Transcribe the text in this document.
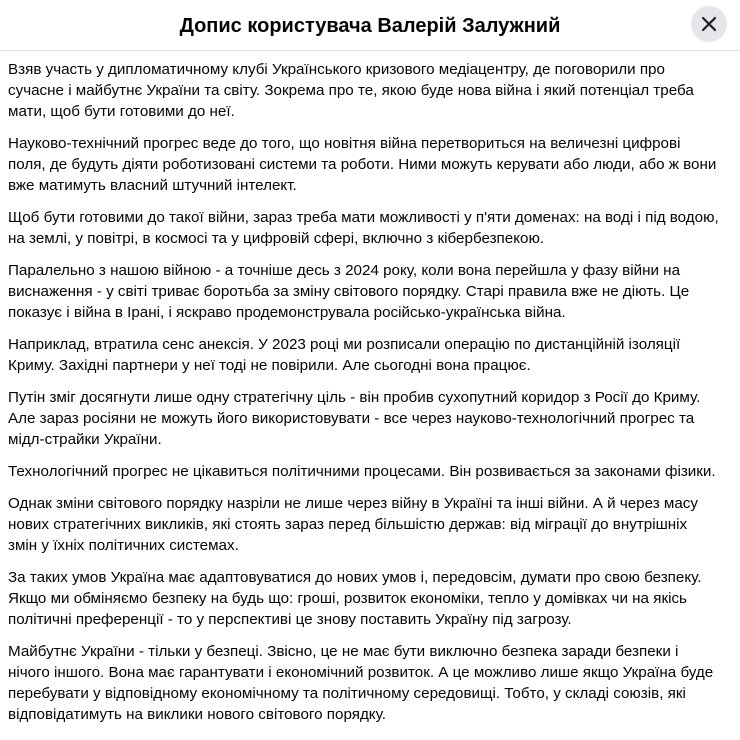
Допис користувача Валерій Залужний

Взяв участь у дипломатичному клубі Українського кризового медіацентру, де поговорили про сучасне і майбутнє України та світу. Зокрема про те, якою буде нова війна і який потенціал треба мати, щоб бути готовими до неї.

Науково-технічний прогрес веде до того, що новітня війна перетвориться на величезні цифрові поля, де будуть діяти роботизовані системи та роботи. Ними можуть керувати або люди, або ж вони вже матимуть власний штучний інтелект.

Щоб бути готовими до такої війни, зараз треба мати можливості у п'яти доменах: на воді і під водою, на землі, у повітрі, в космосі та у цифровій сфері, включно з кібербезпекою.

Паралельно з нашою війною - а точніше десь з 2024 року, коли вона перейшла у фазу війни на виснаження - у світі триває боротьба за зміну світового порядку. Старі правила вже не діють. Це показує і війна в Ірані, і яскраво продемонструвала російсько-українська війна.

Наприклад, втратила сенс анексія. У 2023 році ми розписали операцію по дистанційній ізоляції Криму. Західні партнери у неї тоді не повірили. Але сьогодні вона працює.

Путін зміг досягнути лише одну стратегічну ціль - він пробив сухопутний коридор з Росії до Криму. Але зараз росіяни не можуть його використовувати - все через науково-технологічний прогрес та мідл-страйки України.

Технологічний прогрес не цікавиться політичними процесами. Він розвивається за законами фізики.

Однак зміни світового порядку назріли не лише через війну в Україні та інші війни. А й через масу нових стратегічних викликів, які стоять зараз перед більшістю держав: від міграції до внутрішніх змін у їхніх політичних системах.

За таких умов Україна має адаптовуватися до нових умов і, передовсім, думати про свою безпеку. Якщо ми обміняємо безпеку на будь що: гроші, розвиток економіки, тепло у домівках чи на якісь політичні преференції - то у перспективі це знову поставить Україну під загрозу.

Майбутнє України - тільки у безпеці. Звісно, це не має бути виключно безпека заради безпеки і нічого іншого. Вона має гарантувати і економічний розвиток. А це можливо лише якщо Україна буде перебувати у відповідному економічному та політичному середовищі. Тобто, у складі союзів, які відповідатимуть на виклики нового світового порядку.
